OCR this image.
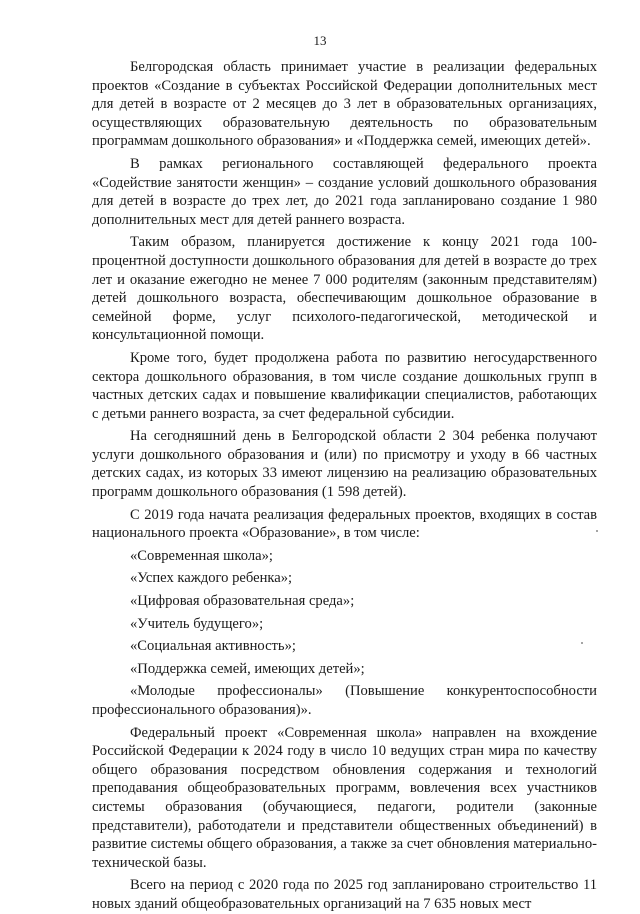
13

Белгородская область принимает участие в реализации федеральных проектов «Создание в субъектах Российской Федерации дополнительных мест для детей в возрасте от 2 месяцев до 3 лет в образовательных организациях, осуществляющих образовательную деятельность по образовательным программам дошкольного образования» и «Поддержка семей, имеющих детей».

В рамках регионального составляющей федерального проекта «Содействие занятости женщин» – создание условий дошкольного образования для детей в возрасте до трех лет, до 2021 года запланировано создание 1 980 дополнительных мест для детей раннего возраста.

Таким образом, планируется достижение к концу 2021 года 100-процентной доступности дошкольного образования для детей в возрасте до трех лет и оказание ежегодно не менее 7 000 родителям (законным представителям) детей дошкольного возраста, обеспечивающим дошкольное образование в семейной форме, услуг психолого-педагогической, методической и консультационной помощи.

Кроме того, будет продолжена работа по развитию негосударственного сектора дошкольного образования, в том числе создание дошкольных групп в частных детских садах и повышение квалификации специалистов, работающих с детьми раннего возраста, за счет федеральной субсидии.

На сегодняшний день в Белгородской области 2 304 ребенка получают услуги дошкольного образования и (или) по присмотру и уходу в 66 частных детских садах, из которых 33 имеют лицензию на реализацию образовательных программ дошкольного образования (1 598 детей).

С 2019 года начата реализация федеральных проектов, входящих в состав национального проекта «Образование», в том числе:

«Современная школа»;
«Успех каждого ребенка»;
«Цифровая образовательная среда»;
«Учитель будущего»;
«Социальная активность»;
«Поддержка семей, имеющих детей»;
«Молодые профессионалы» (Повышение конкурентоспособности профессионального образования)».

Федеральный проект «Современная школа» направлен на вхождение Российской Федерации к 2024 году в число 10 ведущих стран мира по качеству общего образования посредством обновления содержания и технологий преподавания общеобразовательных программ, вовлечения всех участников системы образования (обучающиеся, педагоги, родители (законные представители), работодатели и представители общественных объединений) в развитие системы общего образования, а также за счет обновления материально-технической базы.

Всего на период с 2020 года по 2025 год запланировано строительство 11 новых зданий общеобразовательных организаций на 7 635 новых мест
